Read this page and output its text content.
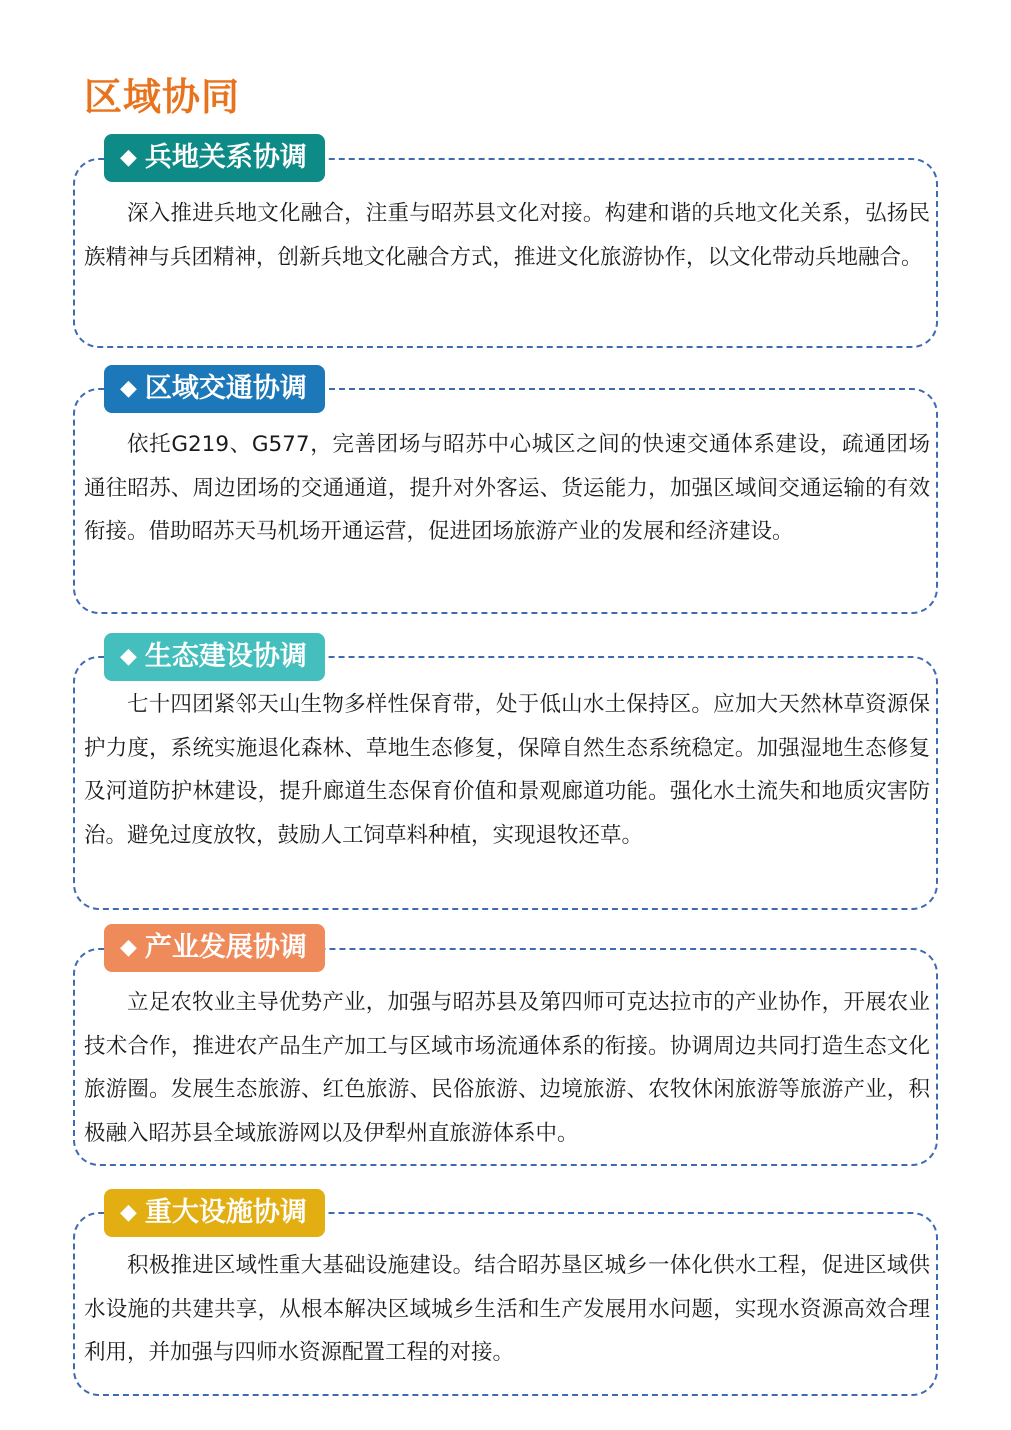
区域协同
◆ 兵地关系协调

深入推进兵地文化融合，注重与昭苏县文化对接。构建和谐的兵地文化关系，弘扬民族精神与兵团精神，创新兵地文化融合方式，推进文化旅游协作，以文化带动兵地融合。

◆ 区域交通协调

依托G219、G577，完善团场与昭苏中心城区之间的快速交通体系建设，疏通团场通往昭苏、周边团场的交通通道，提升对外客运、货运能力，加强区域间交通运输的有效衔接。借助昭苏天马机场开通运营，促进团场旅游产业的发展和经济建设。

◆ 生态建设协调

七十四团紧邻天山生物多样性保育带，处于低山水土保持区。应加大天然林草资源保护力度，系统实施退化森林、草地生态修复，保障自然生态系统稳定。加强湿地生态修复及河道防护林建设，提升廊道生态保育价值和景观廊道功能。强化水土流失和地质灾害防治。避免过度放牧，鼓励人工饲草料种植，实现退牧还草。

◆ 产业发展协调

立足农牧业主导优势产业，加强与昭苏县及第四师可克达拉市的产业协作，开展农业技术合作，推进农产品生产加工与区域市场流通体系的衔接。协调周边共同打造生态文化旅游圈。发展生态旅游、红色旅游、民俗旅游、边境旅游、农牧休闲旅游等旅游产业，积极融入昭苏县全域旅游网以及伊犁州直旅游体系中。

◆ 重大设施协调

积极推进区域性重大基础设施建设。结合昭苏垦区城乡一体化供水工程，促进区域供水设施的共建共享，从根本解决区域城乡生活和生产发展用水问题，实现水资源高效合理利用，并加强与四师水资源配置工程的对接。
